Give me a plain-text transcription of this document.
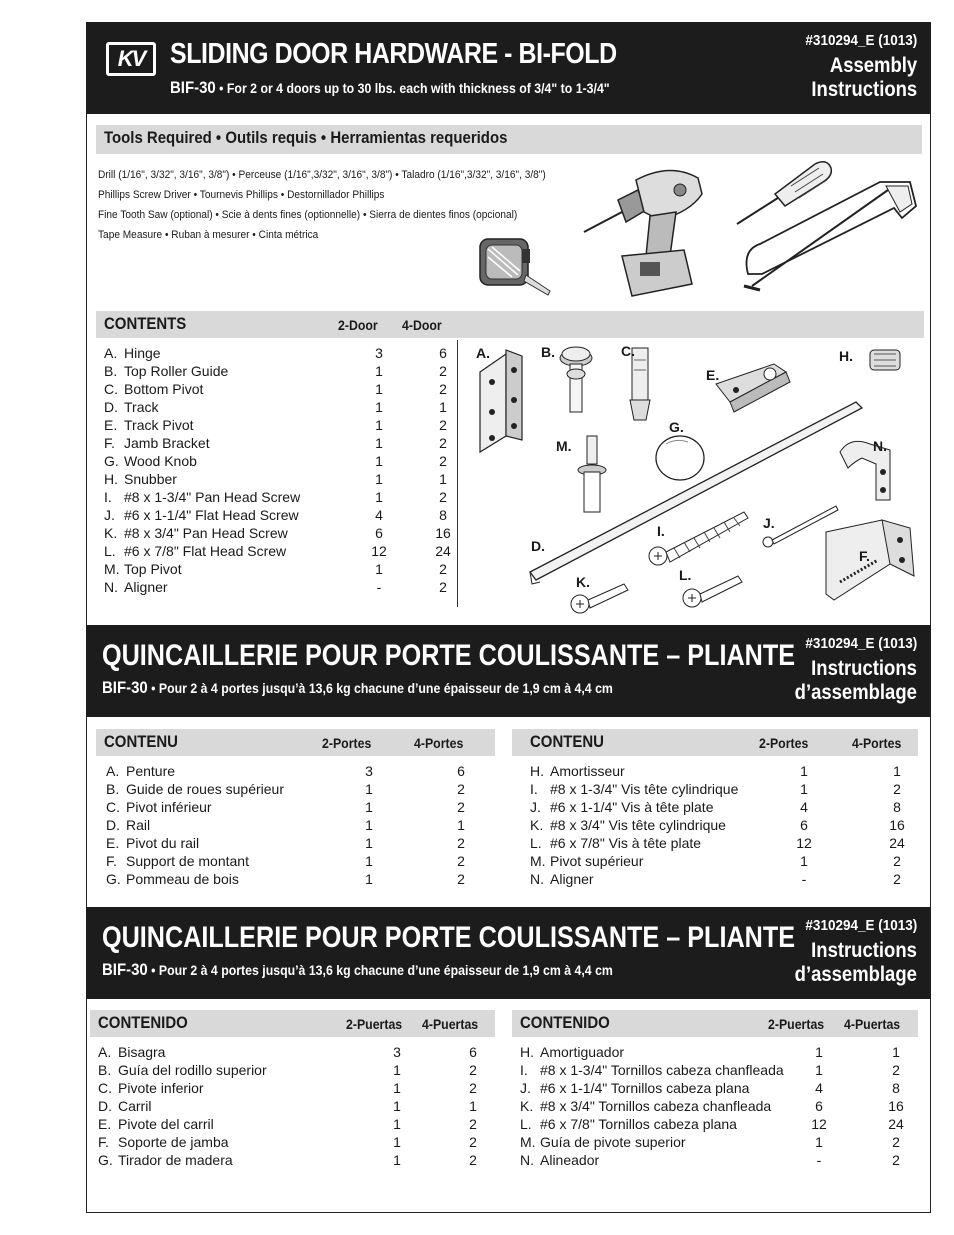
KV SLIDING DOOR HARDWARE - BI-FOLD
BIF-30 • For 2 or 4 doors up to 30 lbs. each with thickness of 3/4" to 1-3/4"
#310294_E (1013)
Assembly
Instructions
Tools Required • Outils requis • Herramientas requeridos
Drill (1/16", 3/32", 3/16", 3/8") • Perceuse (1/16",3/32", 3/16", 3/8") • Taladro (1/16",3/32", 3/16", 3/8")
Phillips Screw Driver • Tournevis Phillips • Destornillador Phillips
Fine Tooth Saw (optional) • Scie à dents fines (optionnelle) • Sierra de dientes finos (opcional)
Tape Measure • Ruban à mesurer • Cinta métrica
CONTENTS	2-Door 4-Door
A.	Hinge	3	6
B.	Top Roller Guide	1	2
C.	Bottom Pivot	1	2
D.	Track	1	1
E.	Track Pivot	1	2
F.	Jamb Bracket	1	2
G.	Wood Knob	1	2
H.	Snubber	1	1
I.	#8 x 1-3/4" Pan Head Screw	1	2
J.	#6 x 1-1/4" Flat Head Screw	4	8
K.	#8 x 3/4" Pan Head Screw	6	16
L.	#6 x 7/8" Flat Head Screw	12	24
M.	Top Pivot	1	2
N.	Aligner	-	2
A.	B.	C.
D.
E.
F.
G.
H.
I.	J.
K.	L.
M.	N.
QUINCAILLERIE POUR PORTE COULISSANTE – PLIANTE
BIF-30 • Pour 2 à 4 portes jusqu’à 13,6 kg chacune d’une épaisseur de 1,9 cm à 4,4 cm
#310294_E (1013)
Instructions
d’assemblage
CONTENU	2-Portes	4-Portes	CONTENU	2-Portes	4-Portes
A.	Penture	3	6
B.	Guide de roues supérieur	1	2
C.	Pivot inférieur	1	2
D.	Rail	1	1
E.	Pivot du rail	1	2
F.	Support de montant	1	2
G.	Pommeau de bois	1	2
H.	Amortisseur	1	1
I.	#8 x 1-3/4" Vis tête cylindrique	1	2
J.	#6 x 1-1/4" Vis à tête plate	4	8
K.	#8 x 3/4" Vis tête cylindrique	6	16
L.	#6 x 7/8" Vis à tête plate	12	24
M.	Pivot supérieur	1	2
N.	Aligner	-	2
QUINCAILLERIE POUR PORTE COULISSANTE – PLIANTE
BIF-30 • Pour 2 à 4 portes jusqu’à 13,6 kg chacune d’une épaisseur de 1,9 cm à 4,4 cm
#310294_E (1013)
Instructions
d’assemblage
CONTENIDO	2-Puertas 4-Puertas CONTENIDO	2-Puertas 4-Puertas
A.	Bisagra	3	6
B.	Guía del rodillo superior	1	2
C.	Pivote inferior	1	2
D.	Carril	1	1
E.	Pivote del carril	1	2
F.	Soporte de jamba	1	2
G.	Tirador de madera	1	2
H.	Amortiguador	1	1
I.	#8 x 1-3/4" Tornillos cabeza chanfleada	1	2
J.	#6 x 1-1/4" Tornillos cabeza plana	4	8
K.	#8 x 3/4" Tornillos cabeza chanfleada	6	16
L.	#6 x 7/8" Tornillos cabeza plana	12	24
M.	Guía de pivote superior	1	2
N.	Alineador	-	2
